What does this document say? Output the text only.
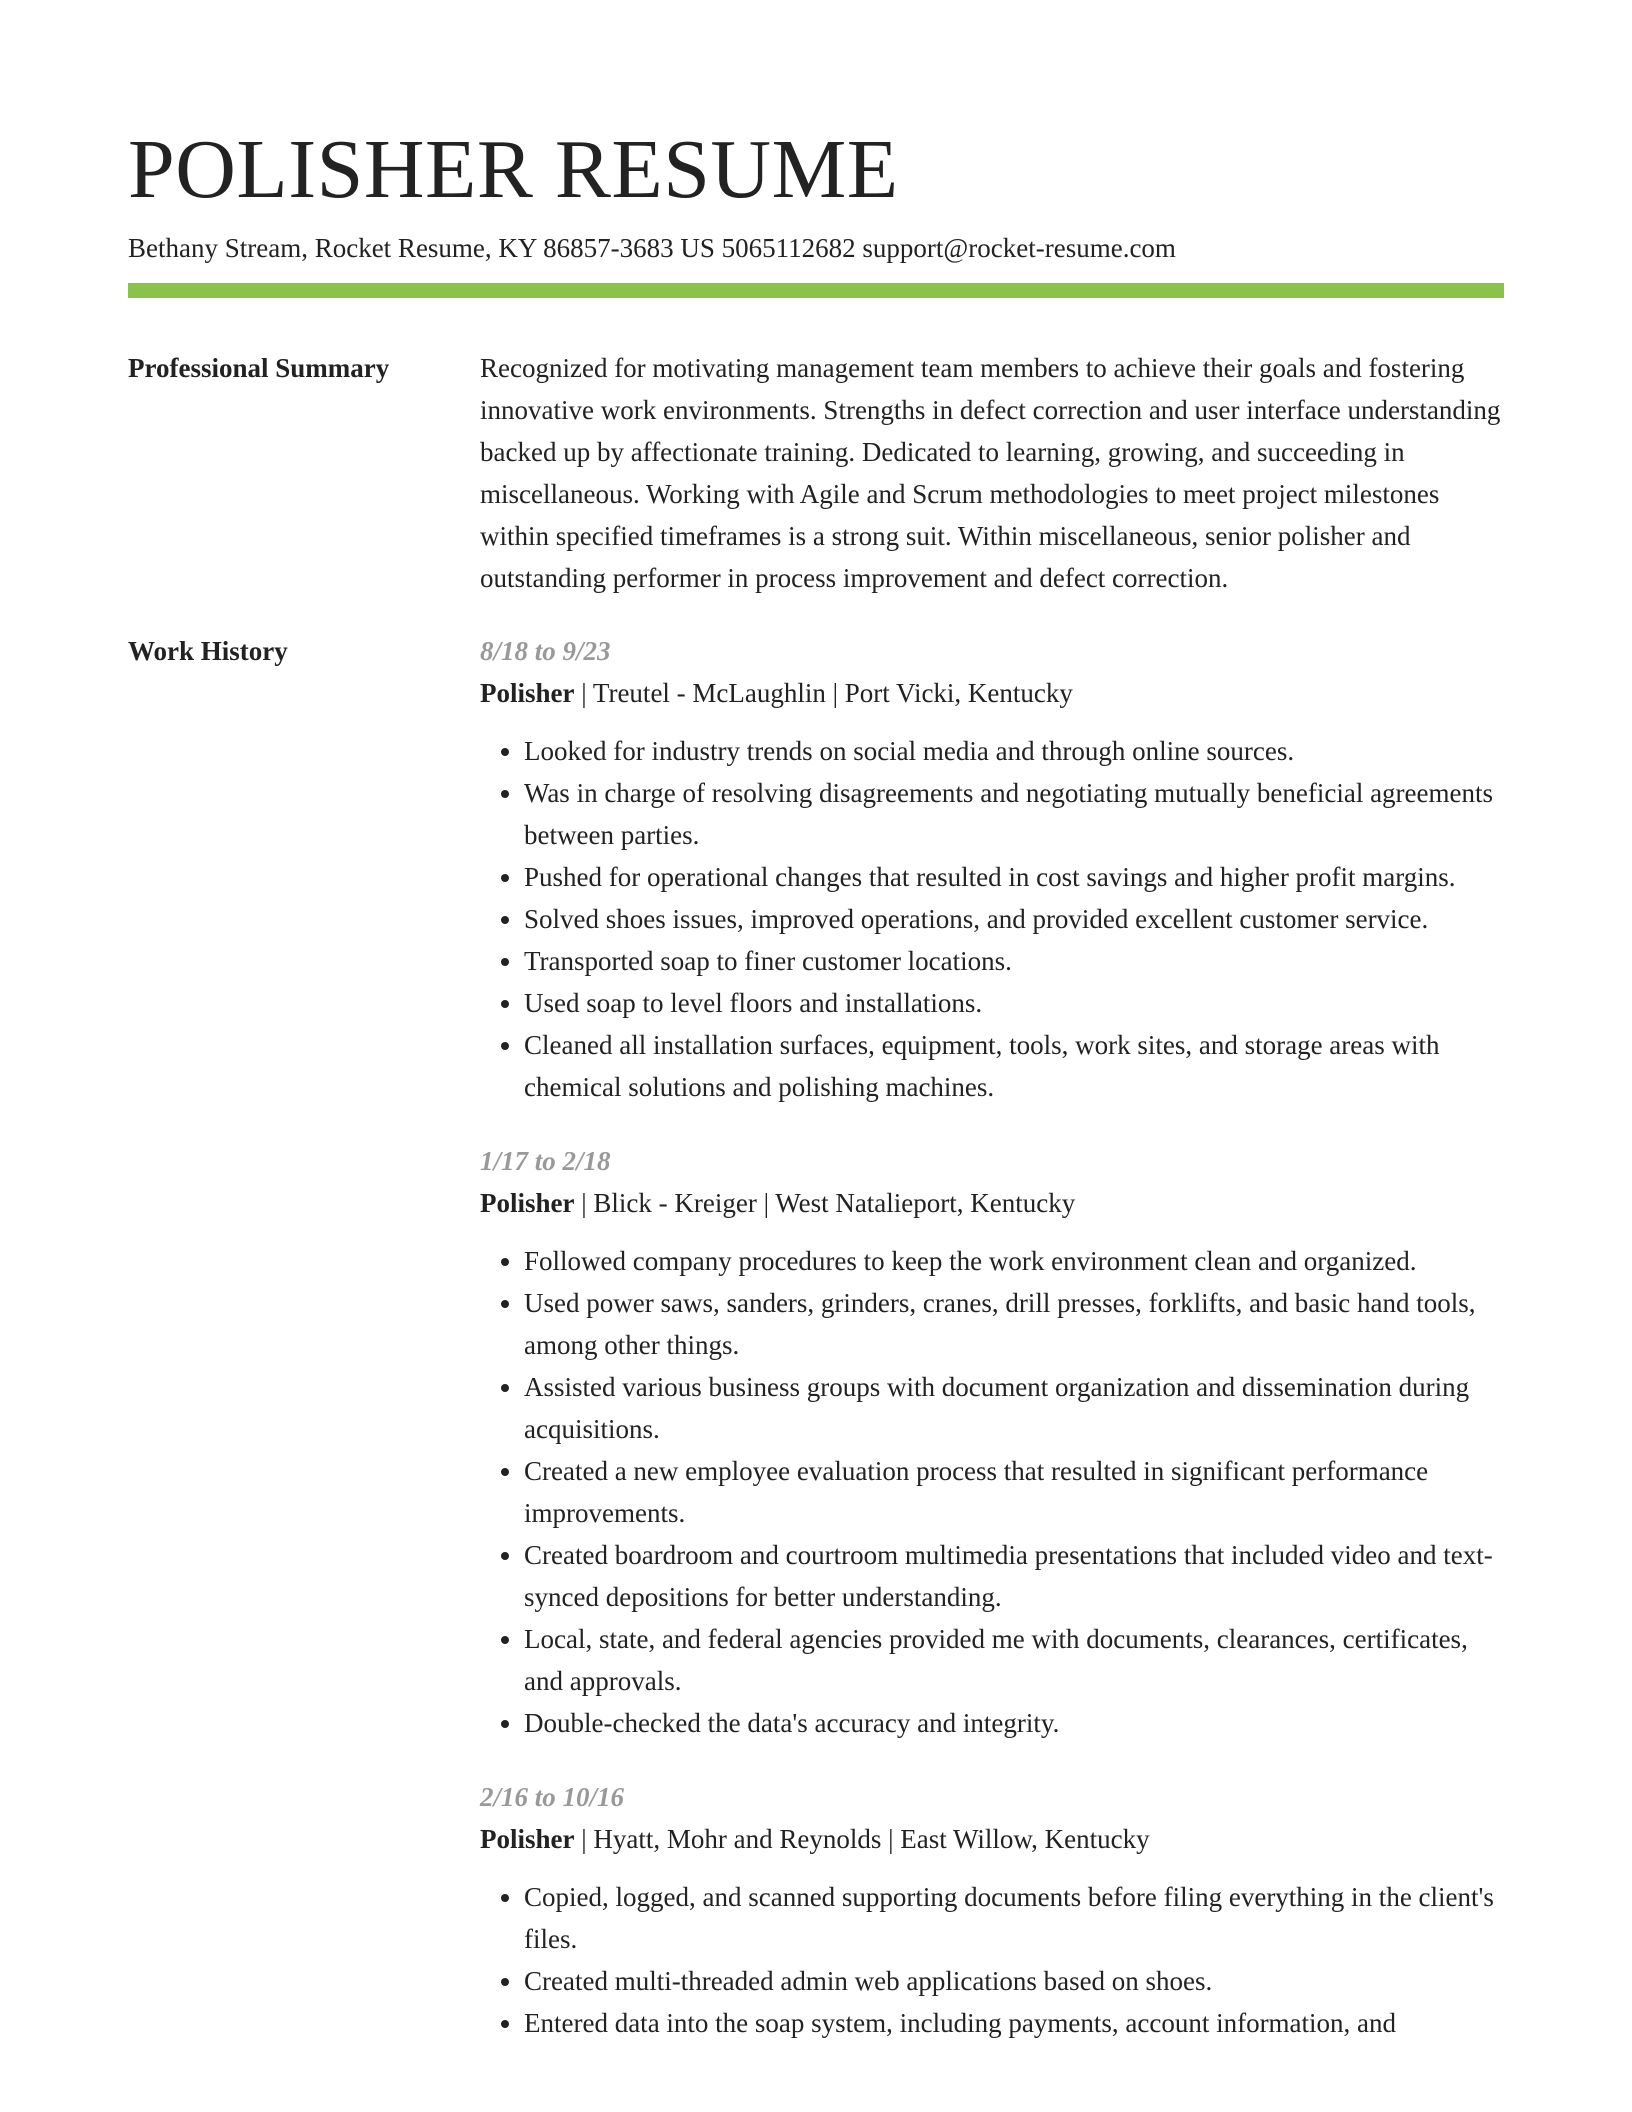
POLISHER RESUME
Bethany Stream, Rocket Resume, KY 86857-3683 US 5065112682 support@rocket-resume.com
Professional Summary	Recognized for motivating management team members to achieve their goals and fostering innovative work environments. Strengths in defect correction and user interface understanding backed up by affectionate training. Dedicated to learning, growing, and succeeding in miscellaneous. Working with Agile and Scrum methodologies to meet project milestones within specified timeframes is a strong suit. Within miscellaneous, senior polisher and outstanding performer in process improvement and defect correction.

Work History	8/18 to 9/23
Polisher | Treutel - McLaughlin | Port Vicki, Kentucky
• Looked for industry trends on social media and through online sources.
• Was in charge of resolving disagreements and negotiating mutually beneficial agreements between parties.
• Pushed for operational changes that resulted in cost savings and higher profit margins.
• Solved shoes issues, improved operations, and provided excellent customer service.
• Transported soap to finer customer locations.
• Used soap to level floors and installations.
• Cleaned all installation surfaces, equipment, tools, work sites, and storage areas with chemical solutions and polishing machines.
1/17 to 2/18
Polisher | Blick - Kreiger | West Natalieport, Kentucky
• Followed company procedures to keep the work environment clean and organized.
• Used power saws, sanders, grinders, cranes, drill presses, forklifts, and basic hand tools, among other things.
• Assisted various business groups with document organization and dissemination during acquisitions.
• Created a new employee evaluation process that resulted in significant performance improvements.
• Created boardroom and courtroom multimedia presentations that included video and text-synced depositions for better understanding.
• Local, state, and federal agencies provided me with documents, clearances, certificates, and approvals.
• Double-checked the data's accuracy and integrity.
2/16 to 10/16
Polisher | Hyatt, Mohr and Reynolds | East Willow, Kentucky
• Copied, logged, and scanned supporting documents before filing everything in the client's files.
• Created multi-threaded admin web applications based on shoes.
• Entered data into the soap system, including payments, account information, and
